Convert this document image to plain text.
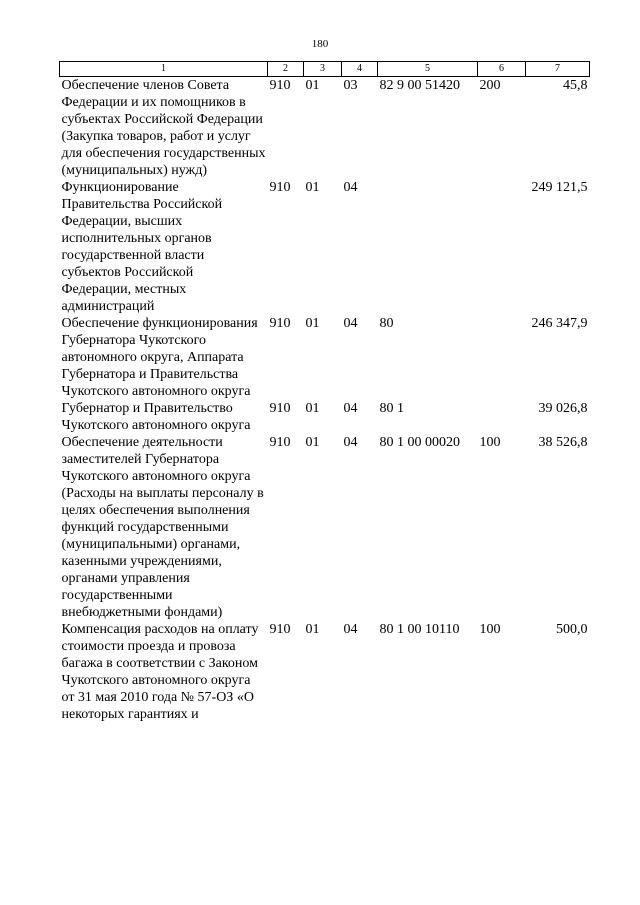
180
1	2	3	4	5	6	7
Обеспечение членов Совета Федерации и их помощников в субъектах Российской Федерации (Закупка товаров, работ и услуг для обеспечения государственных (муниципальных) нужд)	910	01	03	82 9 00 51420	200	45,8
Функционирование Правительства Российской Федерации, высших исполнительных органов государственной власти субъектов Российской Федерации, местных администраций	910	01	04			249 121,5
Обеспечение функционирования Губернатора Чукотского автономного округа, Аппарата Губернатора и Правительства Чукотского автономного округа	910	01	04	80		246 347,9
Губернатор и Правительство Чукотского автономного округа	910	01	04	80 1		39 026,8
Обеспечение деятельности заместителей Губернатора Чукотского автономного округа (Расходы на выплаты персоналу в целях обеспечения выполнения функций государственными (муниципальными) органами, казенными учреждениями, органами управления государственными внебюджетными фондами)	910	01	04	80 1 00 00020	100	38 526,8
Компенсация расходов на оплату стоимости проезда и провоза багажа в соответствии с Законом Чукотского автономного округа от 31 мая 2010 года № 57-ОЗ «О некоторых гарантиях и	910	01	04	80 1 00 10110	100	500,0
